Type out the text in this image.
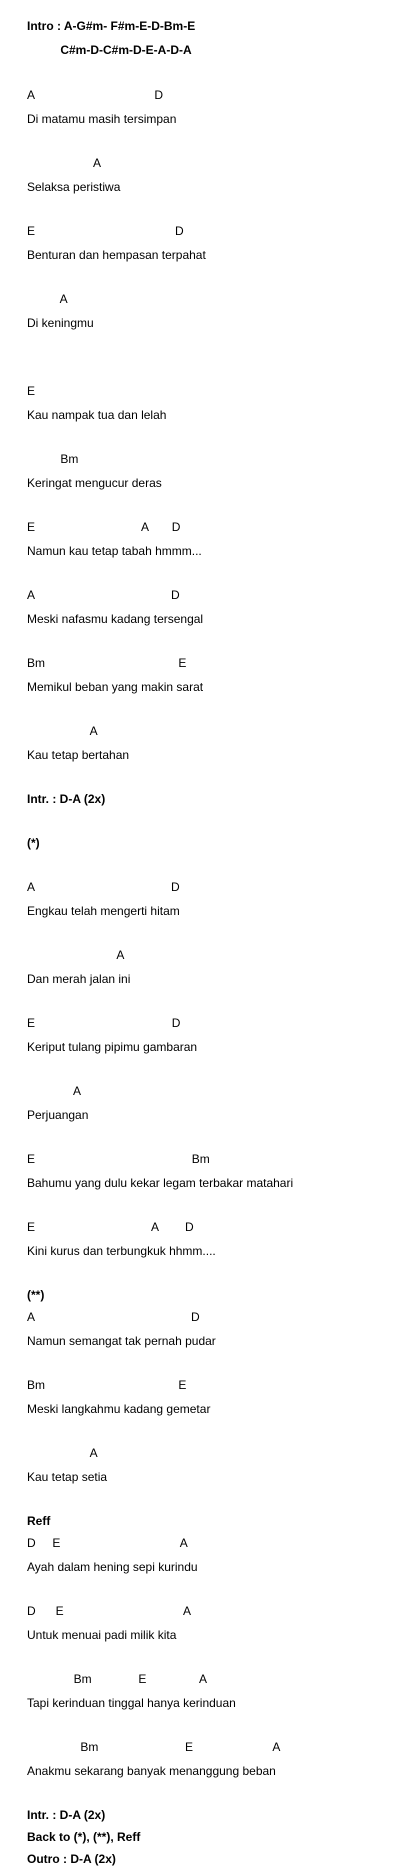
Intro : A-G#m- F#m-E-D-Bm-E

C#m-D-C#m-D-E-A-D-A

A                                    D

Di matamu masih tersimpan

A

Selaksa peristiwa

E                                          D

Benturan dan hempasan terpahat

A

Di keningmu

E

Kau nampak tua dan lelah

Bm

Keringat mengucur deras

E                                A       D

Namun kau tetap tabah hmmm...

A                                         D

Meski nafasmu kadang tersengal

Bm                                        E

Memikul beban yang makin sarat

A

Kau tetap bertahan

Intr. : D-A (2x)

(*)

A                                         D

Engkau telah mengerti hitam

A

Dan merah jalan ini

E                                         D

Keriput tulang pipimu gambaran

A

Perjuangan

E                                               Bm

Bahumu yang dulu kekar legam terbakar matahari

E                                   A        D

Kini kurus dan terbungkuk hhmm....

(**)

A                                               D

Namun semangat tak pernah pudar

Bm                                        E

Meski langkahmu kadang gemetar

A

Kau tetap setia

Reff

D     E                                    A

Ayah dalam hening sepi kurindu

D      E                                    A

Untuk menuai padi milik kita

Bm              E                A

Tapi kerinduan tinggal hanya kerinduan

Bm                          E                        A

Anakmu sekarang banyak menanggung beban

Intr. : D-A (2x)

Back to (*), (**), Reff

Outro : D-A (2x)
